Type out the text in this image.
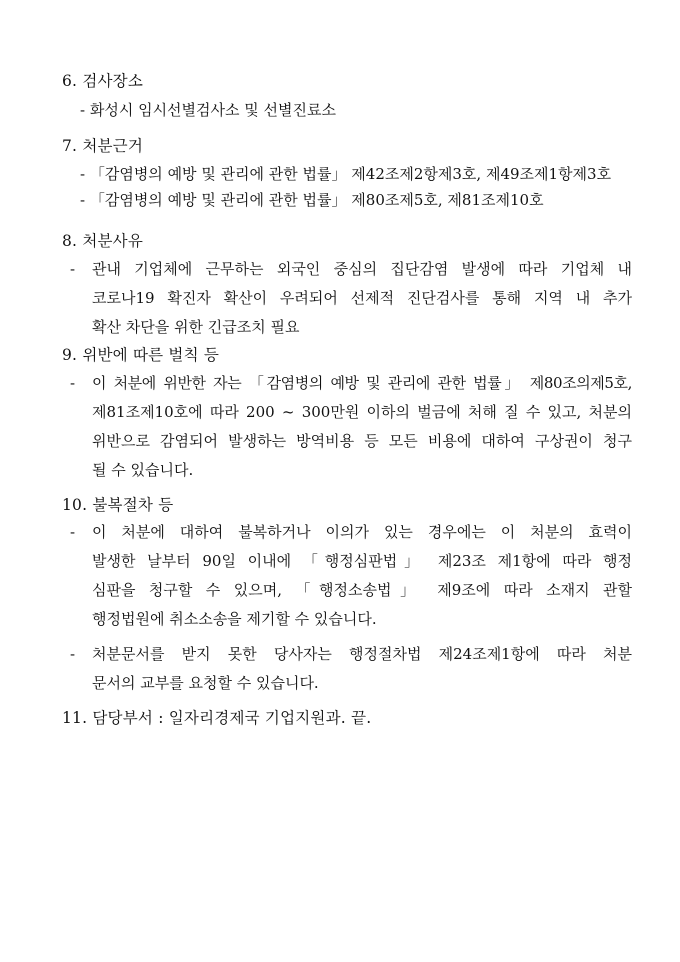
6. 검사장소
- 화성시 임시선별검사소 및 선별진료소
7. 처분근거
- 「감염병의 예방 및 관리에 관한 법률」 제42조제2항제3호, 제49조제1항제3호
- 「감염병의 예방 및 관리에 관한 법률」 제80조제5호, 제81조제10호
8. 처분사유
- 관내 기업체에 근무하는 외국인 중심의 집단감염 발생에 따라 기업체 내
코로나19 확진자 확산이 우려되어 선제적 진단검사를 통해 지역 내 추가
확산 차단을 위한 긴급조치 필요
9. 위반에 따른 벌칙 등
- 이 처분에 위반한 자는 「감염병의 예방 및 관리에 관한 법률」 제80조의제5호,
제81조제10호에 따라 200 ~ 300만원 이하의 벌금에 처해 질 수 있고, 처분의
위반으로 감염되어 발생하는 방역비용 등 모든 비용에 대하여 구상권이 청구
될 수 있습니다.
10. 불복절차 등
- 이 처분에 대하여 불복하거나 이의가 있는 경우에는 이 처분의 효력이
발생한 날부터 90일 이내에 「행정심판법」 제23조 제1항에 따라 행정
심판을 청구할 수 있으며, 「행정소송법」 제9조에 따라 소재지 관할
행정법원에 취소소송을 제기할 수 있습니다.
- 처분문서를 받지 못한 당사자는 행정절차법 제24조제1항에 따라 처분
문서의 교부를 요청할 수 있습니다.
11. 담당부서 : 일자리경제국 기업지원과. 끝.
